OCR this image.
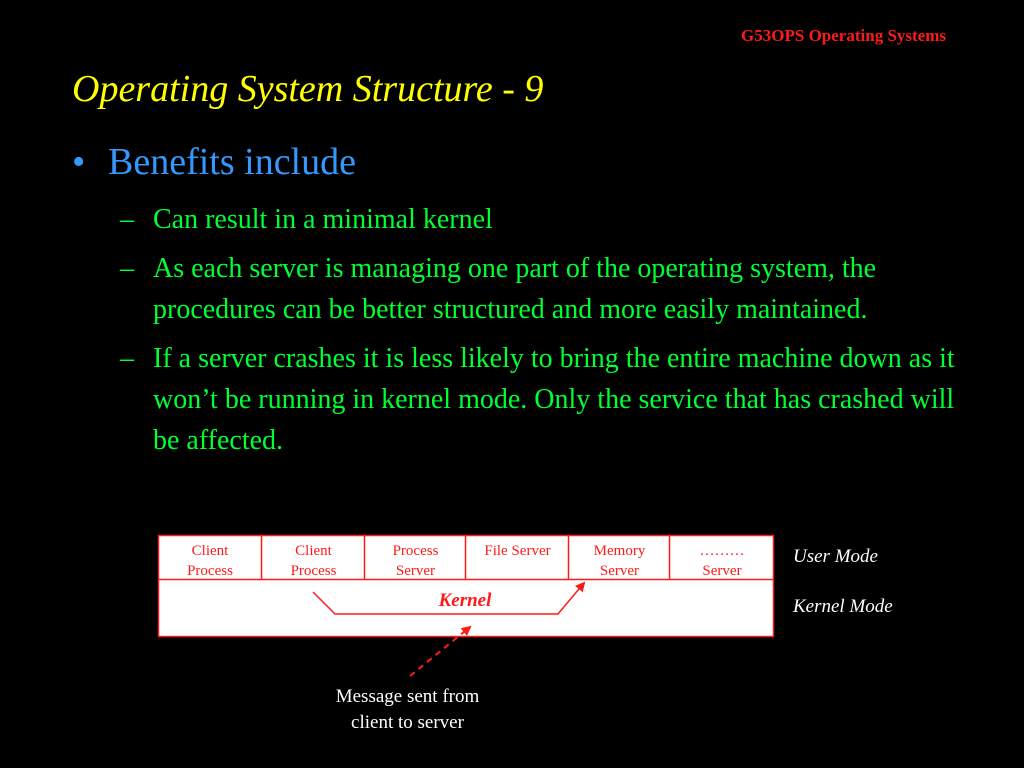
G53OPS Operating Systems
Operating System Structure - 9
• Benefits include
– Can result in a minimal kernel
– As each server is managing one part of the operating system, the procedures can be better structured and more easily maintained.
– If a server crashes it is less likely to bring the entire machine down as it won’t be running in kernel mode. Only the service that has crashed will be affected.
Client
Process
Client
Process
Process
Server
File Server	Memory
Server
………
Server
Kernel
User Mode
Kernel Mode
Message sent from
client to server
